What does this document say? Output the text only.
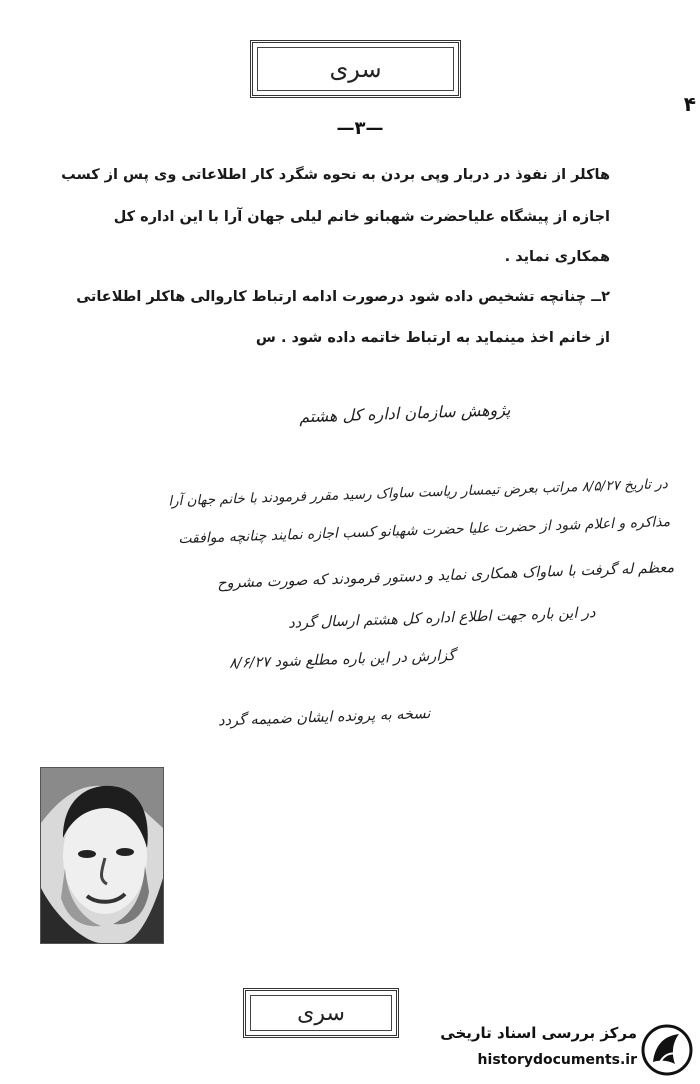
سری
۴
—۳—
هاکلر از نفوذ در دربار وپی بردن به نحوه شگرد کار اطلاعاتی وی پس از کسب
اجازه از پیشگاه علیاحضرت شهبانو خانم لیلی جهان آرا با این اداره کل
همکاری نماید .
۲ــ چنانچه تشخیص داده شود درصورت ادامه ارتباط کاروالی هاکلر اطلاعاتی
از خانم اخذ مینماید به ارتباط خاتمه داده شود . س
پژوهش سازمان اداره کل هشتم
در تاریخ ۸/۵/۲۷ مراتب بعرض تیمسار ریاست ساواک رسید مقرر فرمودند با خانم جهان آرا
مذاکره و اعلام شود از حضرت علیا حضرت شهبانو کسب اجازه نمایند چنانچه موافقت
معظم له گرفت با ساواک همکاری نماید و دستور فرمودند که صورت مشروح
در این باره جهت اطلاع اداره کل هشتم ارسال گردد
گزارش در این باره مطلع شود ۸/۶/۲۷
نسخه به پرونده ایشان ضمیمه گردد
سری
مرکز بررسی اسناد تاریخی
historydocuments.ir
